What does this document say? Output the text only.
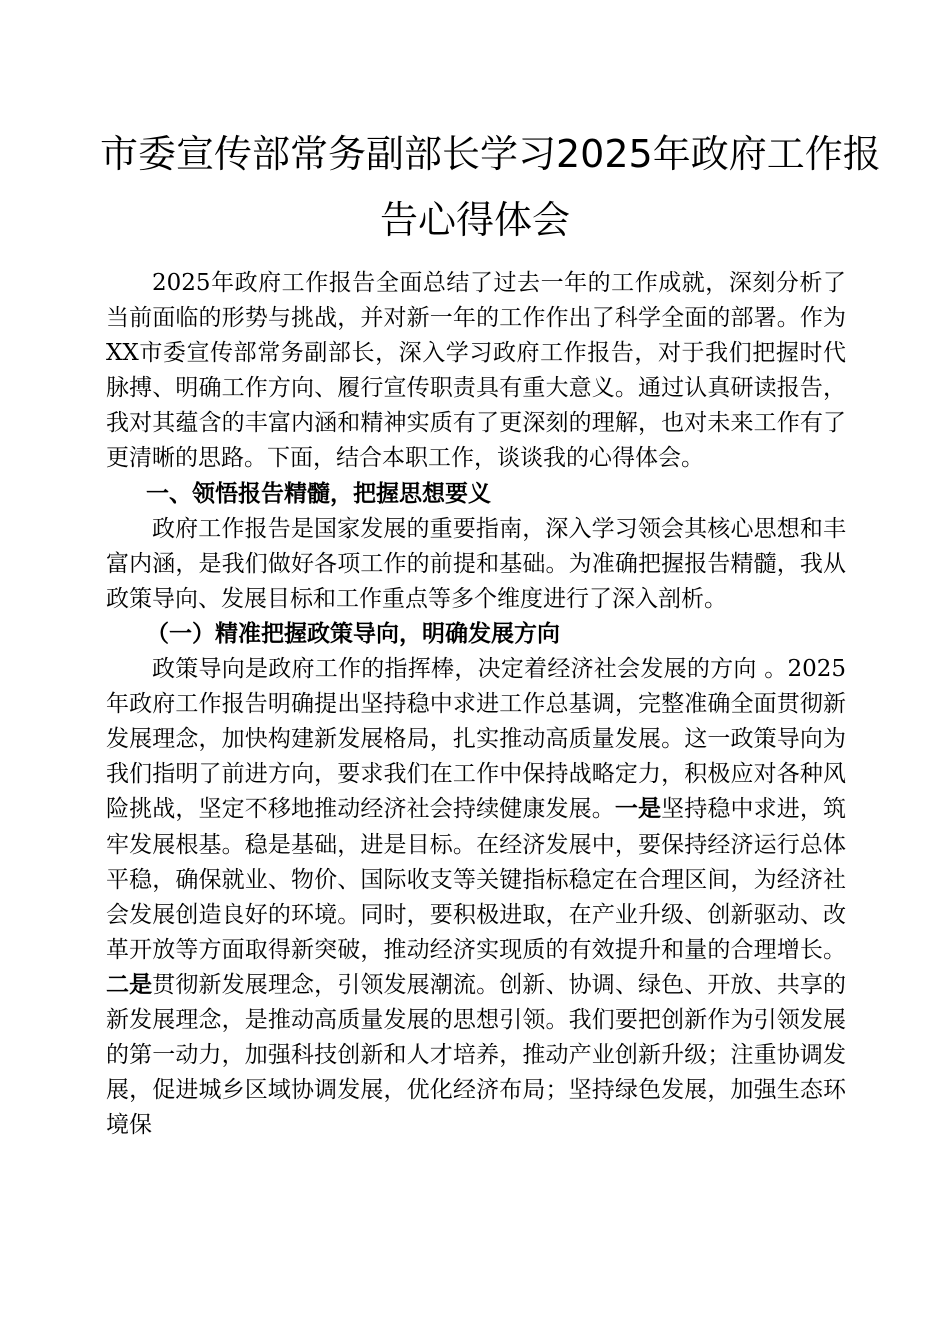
市委宣传部常务副部长学习2025年政府工作报
告心得体会

2025年政府工作报告全面总结了过去一年的工作成就，深刻分析了当前面临的形势与挑战，并对新一年的工作作出了科学全面的部署。作为XX市委宣传部常务副部长，深入学习政府工作报告，对于我们把握时代脉搏、明确工作方向、履行宣传职责具有重大意义。通过认真研读报告，我对其蕴含的丰富内涵和精神实质有了更深刻的理解，也对未来工作有了更清晰的思路。下面，结合本职工作，谈谈我的心得体会。

一、领悟报告精髓，把握思想要义

政府工作报告是国家发展的重要指南，深入学习领会其核心思想和丰富内涵，是我们做好各项工作的前提和基础。为准确把握报告精髓，我从政策导向、发展目标和工作重点等多个维度进行了深入剖析。

（一）精准把握政策导向，明确发展方向

政策导向是政府工作的指挥棒，决定着经济社会发展的方向 。2025年政府工作报告明确提出坚持稳中求进工作总基调，完整准确全面贯彻新发展理念，加快构建新发展格局，扎实推动高质量发展。这一政策导向为我们指明了前进方向，要求我们在工作中保持战略定力，积极应对各种风险挑战，坚定不移地推动经济社会持续健康发展。一是坚持稳中求进，筑牢发展根基。稳是基础，进是目标。在经济发展中，要保持经济运行总体平稳，确保就业、物价、国际收支等关键指标稳定在合理区间，为经济社会发展创造良好的环境。同时，要积极进取，在产业升级、创新驱动、改革开放等方面取得新突破，推动经济实现质的有效提升和量的合理增长。二是贯彻新发展理念，引领发展潮流。创新、协调、绿色、开放、共享的新发展理念，是推动高质量发展的思想引领。我们要把创新作为引领发展的第一动力，加强科技创新和人才培养，推动产业创新升级；注重协调发展，促进城乡区域协调发展，优化经济布局；坚持绿色发展，加强生态环境保
